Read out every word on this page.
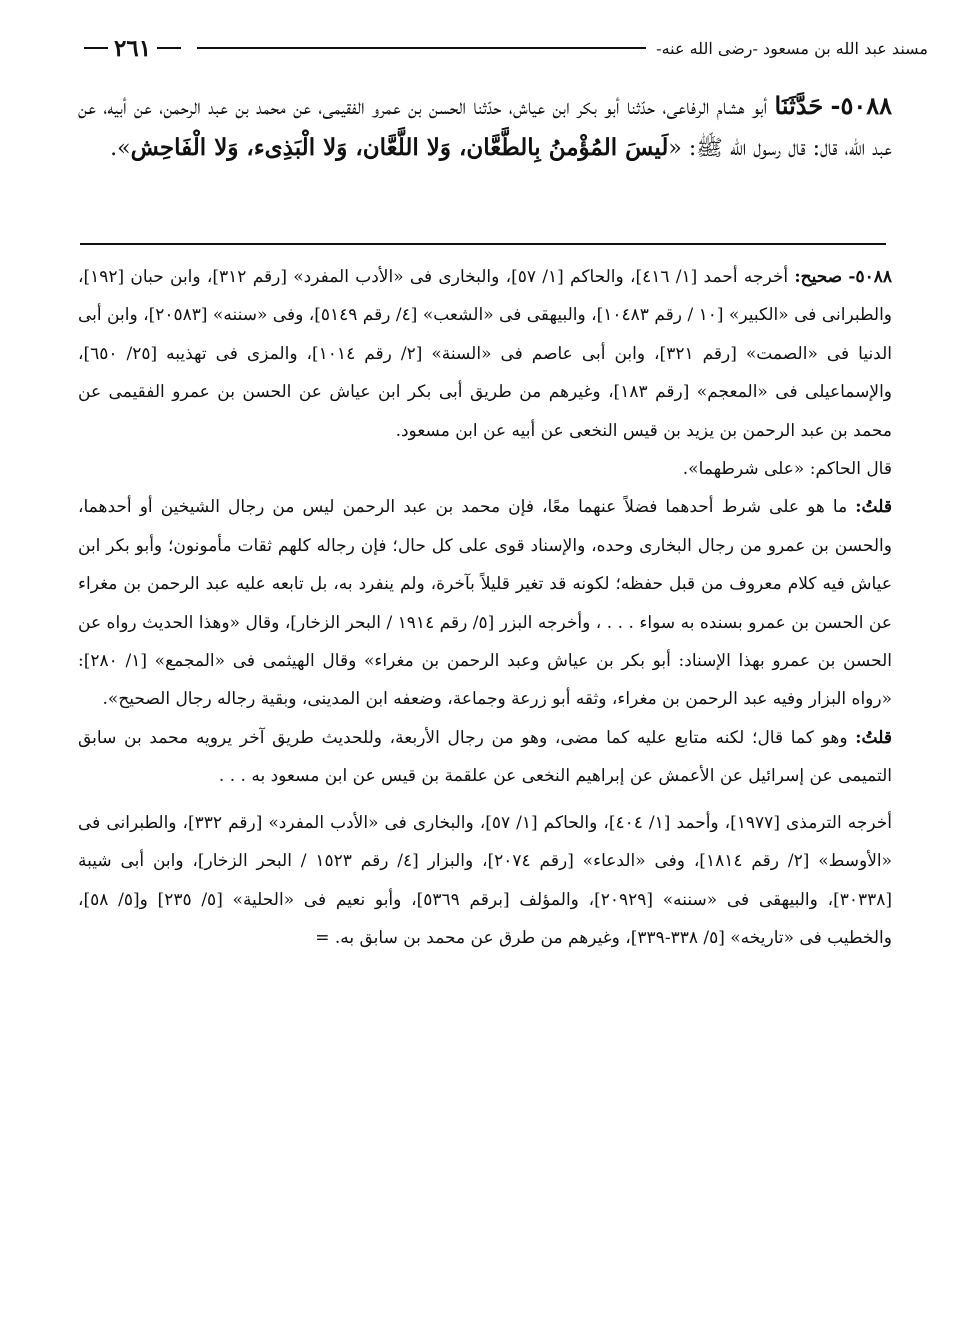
٢٦١	مسند عبد الله بن مسعود -رضى الله عنه-
٥٠٨٨- حَدَّثَنَا أبو هشام الرفاعى، حدّثنا أبو بكر ابن عياش، حدّثنا الحسن بن عمرو الفقيمى، عن محمد بن عبد الرحمن، عن أبيه، عن عبد الله، قال: قال رسول الله ﷺ: «لَيسَ المُؤْمنُ بِالطَّعَّان، وَلا اللَّعَّان، وَلا الْبَذِىء، وَلا الْفَاحِش».

٥٠٨٨- صحيح: أخرجه أحمد [١/ ٤١٦]، والحاكم [١/ ٥٧]، والبخارى فى «الأدب المفرد» [رقم ٣١٢]، وابن حبان [١٩٢]، والطبرانى فى «الكبير» [١٠ / رقم ١٠٤٨٣]، والبيهقى فى «الشعب» [٤/ رقم ٥١٤٩]، وفى «سننه» [٢٠٥٨٣]، وابن أبى الدنيا فى «الصمت» [رقم ٣٢١]، وابن أبى عاصم فى «السنة» [٢/ رقم ١٠١٤]، والمزى فى تهذيبه [٢٥/ ٦٥٠]، والإسماعيلى فى «المعجم» [رقم ١٨٣]، وغيرهم من طريق أبى بكر ابن عياش عن الحسن بن عمرو الفقيمى عن محمد بن عبد الرحمن بن يزيد بن قيس النخعى عن أبيه عن ابن مسعود.

قال الحاكم: «على شرطهما».

قلتُ: ما هو على شرط أحدهما فضلاً عنهما معًا، فإن محمد بن عبد الرحمن ليس من رجال الشيخين أو أحدهما، والحسن بن عمرو من رجال البخارى وحده، والإسناد قوى على كل حال؛ فإن رجاله كلهم ثقات مأمونون؛ وأبو بكر ابن عياش فيه كلام معروف من قبل حفظه؛ لكونه قد تغير قليلاً بآخرة، ولم ينفرد به، بل تابعه عليه عبد الرحمن بن مغراء عن الحسن بن عمرو بسنده به سواء . . . ، وأخرجه البزر [٥/ رقم ١٩١٤ / البحر الزخار]، وقال «وهذا الحديث رواه عن الحسن بن عمرو بهذا الإسناد: أبو بكر بن عياش وعبد الرحمن بن مغراء» وقال الهيثمى فى «المجمع» [١/ ٢٨٠]: «رواه البزار وفيه عبد الرحمن بن مغراء، وثقه أبو زرعة وجماعة، وضعفه ابن المدينى، وبقية رجاله رجال الصحيح».

قلتُ: وهو كما قال؛ لكنه متابع عليه كما مضى، وهو من رجال الأربعة، وللحديث طريق آخر يرويه محمد بن سابق التميمى عن إسرائيل عن الأعمش عن إبراهيم النخعى عن علقمة بن قيس عن ابن مسعود به . . .

أخرجه الترمذى [١٩٧٧]، وأحمد [١/ ٤٠٤]، والحاكم [١/ ٥٧]، والبخارى فى «الأدب المفرد» [رقم ٣٣٢]، والطبرانى فى «الأوسط» [٢/ رقم ١٨١٤]، وفى «الدعاء» [رقم ٢٠٧٤]، والبزار [٤/ رقم ١٥٢٣ / البحر الزخار]، وابن أبى شيبة [٣٠٣٣٨]، والبيهقى فى «سننه» [٢٠٩٢٩]، والمؤلف [برقم ٥٣٦٩]، وأبو نعيم فى «الحلية» [٥/ ٢٣٥] و[٥/ ٥٨]، والخطيب فى «تاريخه» [٥/ ٣٣٨-٣٣٩]، وغيرهم من طرق عن محمد بن سابق به. =
